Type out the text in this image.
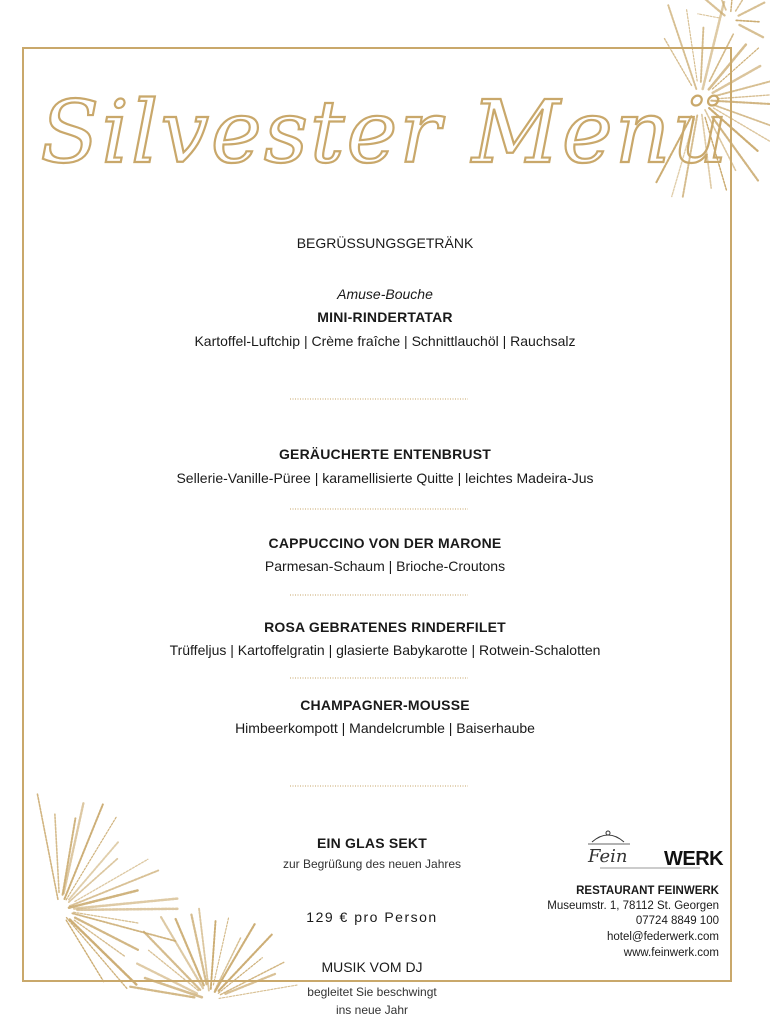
Silvester Menü
BEGRÜSSUNGSGETRÄNK
Amuse-Bouche
MINI-RINDERTATAR
Kartoffel-Luftchip | Crème fraîche | Schnittlauchöl | Rauchsalz
GERÄUCHERTE ENTENBRUST
Sellerie-Vanille-Püree | karamellisierte Quitte | leichtes Madeira-Jus
CAPPUCCINO VON DER MARONE
Parmesan-Schaum | Brioche-Croutons
ROSA GEBRATENES RINDERFILET
Trüffeljus | Kartoffelgratin | glasierte Babykarotte | Rotwein-Schalotten
CHAMPAGNER-MOUSSE
Himbeerkompott | Mandelcrumble | Baiserhaube
EIN GLAS SEKT
zur Begrüßung des neuen Jahres
129 € pro Person
MUSIK VOM DJ
begleitet Sie beschwingt
ins neue Jahr
Fein WERK
RESTAURANT FEINWERK
Museumstr. 1, 78112 St. Georgen
07724 8849 100
hotel@federwerk.com
www.feinwerk.com
